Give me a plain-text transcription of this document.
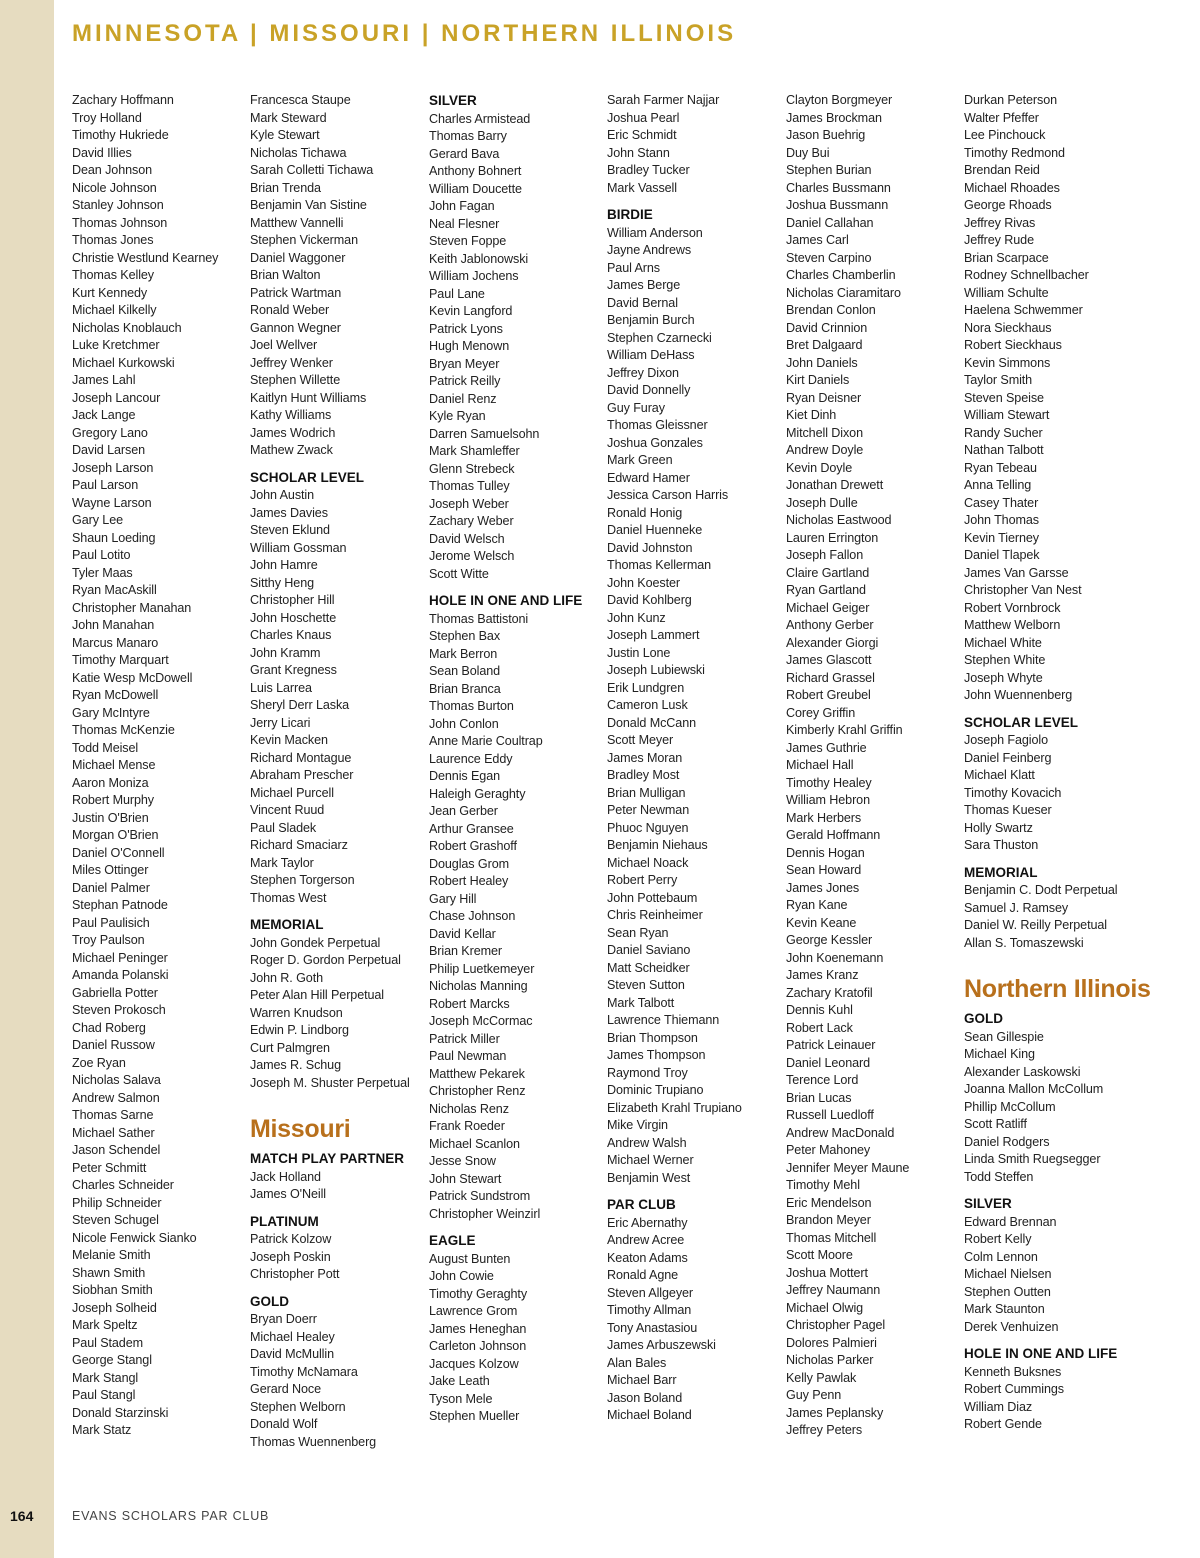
MINNESOTA | MISSOURI | NORTHERN ILLINOIS
Zachary Hoffmann
Troy Holland
Timothy Hukriede
David Illies
Dean Johnson
Nicole Johnson
Stanley Johnson
Thomas Johnson
Thomas Jones
Christie Westlund Kearney
Thomas Kelley
Kurt Kennedy
Michael Kilkelly
Nicholas Knoblauch
Luke Kretchmer
Michael Kurkowski
James Lahl
Joseph Lancour
Jack Lange
Gregory Lano
David Larsen
Joseph Larson
Paul Larson
Wayne Larson
Gary Lee
Shaun Loeding
Paul Lotito
Tyler Maas
Ryan MacAskill
Christopher Manahan
John Manahan
Marcus Manaro
Timothy Marquart
Katie Wesp McDowell
Ryan McDowell
Gary McIntyre
Thomas McKenzie
Todd Meisel
Michael Mense
Aaron Moniza
Robert Murphy
Justin O'Brien
Morgan O'Brien
Daniel O'Connell
Miles Ottinger
Daniel Palmer
Stephan Patnode
Paul Paulisich
Troy Paulson
Michael Peninger
Amanda Polanski
Gabriella Potter
Steven Prokosch
Chad Roberg
Daniel Russow
Zoe Ryan
Nicholas Salava
Andrew Salmon
Thomas Sarne
Michael Sather
Jason Schendel
Peter Schmitt
Charles Schneider
Philip Schneider
Steven Schugel
Nicole Fenwick Sianko
Melanie Smith
Shawn Smith
Siobhan Smith
Joseph Solheid
Mark Speltz
Paul Stadem
George Stangl
Mark Stangl
Paul Stangl
Donald Starzinski
Mark Statz
Francesca Staupe
Mark Steward
Kyle Stewart
Nicholas Tichawa
Sarah Colletti Tichawa
Brian Trenda
Benjamin Van Sistine
Matthew Vannelli
Stephen Vickerman
Daniel Waggoner
Brian Walton
Patrick Wartman
Ronald Weber
Gannon Wegner
Joel Wellver
Jeffrey Wenker
Stephen Willette
Kaitlyn Hunt Williams
Kathy Williams
James Wodrich
Mathew Zwack
SCHOLAR LEVEL
John Austin
James Davies
Steven Eklund
William Gossman
John Hamre
Sitthy Heng
Christopher Hill
John Hoschette
Charles Knaus
John Kramm
Grant Kregness
Luis Larrea
Sheryl Derr Laska
Jerry Licari
Kevin Macken
Richard Montague
Abraham Prescher
Michael Purcell
Vincent Ruud
Paul Sladek
Richard Smaciarz
Mark Taylor
Stephen Torgerson
Thomas West
MEMORIAL
John Gondek Perpetual
Roger D. Gordon Perpetual
John R. Goth
Peter Alan Hill Perpetual
Warren Knudson
Edwin P. Lindborg
Curt Palmgren
James R. Schug
Joseph M. Shuster Perpetual
Missouri
MATCH PLAY PARTNER
Jack Holland
James O'Neill
PLATINUM
Patrick Kolzow
Joseph Poskin
Christopher Pott
GOLD
Bryan Doerr
Michael Healey
David McMullin
Timothy McNamara
Gerard Noce
Stephen Welborn
Donald Wolf
Thomas Wuennenberg
SILVER
Charles Armistead
Thomas Barry
Gerard Bava
Anthony Bohnert
William Doucette
John Fagan
Neal Flesner
Steven Foppe
Keith Jablonowski
William Jochens
Paul Lane
Kevin Langford
Patrick Lyons
Hugh Menown
Bryan Meyer
Patrick Reilly
Daniel Renz
Kyle Ryan
Darren Samuelsohn
Mark Shamleffer
Glenn Strebeck
Thomas Tulley
Joseph Weber
Zachary Weber
David Welsch
Jerome Welsch
Scott Witte
HOLE IN ONE AND LIFE
Thomas Battistoni
Stephen Bax
Mark Berron
Sean Boland
Brian Branca
Thomas Burton
John Conlon
Anne Marie Coultrap
Laurence Eddy
Dennis Egan
Haleigh Geraghty
Jean Gerber
Arthur Gransee
Robert Grashoff
Douglas Grom
Robert Healey
Gary Hill
Chase Johnson
David Kellar
Brian Kremer
Philip Luetkemeyer
Nicholas Manning
Robert Marcks
Joseph McCormac
Patrick Miller
Paul Newman
Matthew Pekarek
Christopher Renz
Nicholas Renz
Frank Roeder
Michael Scanlon
Jesse Snow
John Stewart
Patrick Sundstrom
Christopher Weinzirl
EAGLE
August Bunten
John Cowie
Timothy Geraghty
Lawrence Grom
James Heneghan
Carleton Johnson
Jacques Kolzow
Jake Leath
Tyson Mele
Stephen Mueller
Sarah Farmer Najjar
Joshua Pearl
Eric Schmidt
John Stann
Bradley Tucker
Mark Vassell
BIRDIE
William Anderson
Jayne Andrews
Paul Arns
James Berge
David Bernal
Benjamin Burch
Stephen Czarnecki
William DeHass
Jeffrey Dixon
David Donnelly
Guy Furay
Thomas Gleissner
Joshua Gonzales
Mark Green
Edward Hamer
Jessica Carson Harris
Ronald Honig
Daniel Huenneke
David Johnston
Thomas Kellerman
John Koester
David Kohlberg
John Kunz
Joseph Lammert
Justin Lone
Joseph Lubiewski
Erik Lundgren
Cameron Lusk
Donald McCann
Scott Meyer
James Moran
Bradley Most
Brian Mulligan
Peter Newman
Phuoc Nguyen
Benjamin Niehaus
Michael Noack
Robert Perry
John Pottebaum
Chris Reinheimer
Sean Ryan
Daniel Saviano
Matt Scheidker
Steven Sutton
Mark Talbott
Lawrence Thiemann
Brian Thompson
James Thompson
Raymond Troy
Dominic Trupiano
Elizabeth Krahl Trupiano
Mike Virgin
Andrew Walsh
Michael Werner
Benjamin West
PAR CLUB
Eric Abernathy
Andrew Acree
Keaton Adams
Ronald Agne
Steven Allgeyer
Timothy Allman
Tony Anastasiou
James Arbuszewski
Alan Bales
Michael Barr
Jason Boland
Michael Boland
Clayton Borgmeyer
James Brockman
Jason Buehrig
Duy Bui
Stephen Burian
Charles Bussmann
Joshua Bussmann
Daniel Callahan
James Carl
Steven Carpino
Charles Chamberlin
Nicholas Ciaramitaro
Brendan Conlon
David Crinnion
Bret Dalgaard
John Daniels
Kirt Daniels
Ryan Deisner
Kiet Dinh
Mitchell Dixon
Andrew Doyle
Kevin Doyle
Jonathan Drewett
Joseph Dulle
Nicholas Eastwood
Lauren Errington
Joseph Fallon
Claire Gartland
Ryan Gartland
Michael Geiger
Anthony Gerber
Alexander Giorgi
James Glascott
Richard Grassel
Robert Greubel
Corey Griffin
Kimberly Krahl Griffin
James Guthrie
Michael Hall
Timothy Healey
William Hebron
Mark Herbers
Gerald Hoffmann
Dennis Hogan
Sean Howard
James Jones
Ryan Kane
Kevin Keane
George Kessler
John Koenemann
James Kranz
Zachary Kratofil
Dennis Kuhl
Robert Lack
Patrick Leinauer
Daniel Leonard
Terence Lord
Brian Lucas
Russell Luedloff
Andrew MacDonald
Peter Mahoney
Jennifer Meyer Maune
Timothy Mehl
Eric Mendelson
Brandon Meyer
Thomas Mitchell
Scott Moore
Joshua Mottert
Jeffrey Naumann
Michael Olwig
Christopher Pagel
Dolores Palmieri
Nicholas Parker
Kelly Pawlak
Guy Penn
James Peplansky
Jeffrey Peters
Durkan Peterson
Walter Pfeffer
Lee Pinchouck
Timothy Redmond
Brendan Reid
Michael Rhoades
George Rhoads
Jeffrey Rivas
Jeffrey Rude
Brian Scarpace
Rodney Schnellbacher
William Schulte
Haelena Schwemmer
Nora Sieckhaus
Robert Sieckhaus
Kevin Simmons
Taylor Smith
Steven Speise
William Stewart
Randy Sucher
Nathan Talbott
Ryan Tebeau
Anna Telling
Casey Thater
John Thomas
Kevin Tierney
Daniel Tlapek
James Van Garsse
Christopher Van Nest
Robert Vornbrock
Matthew Welborn
Michael White
Stephen White
Joseph Whyte
John Wuennenberg
SCHOLAR LEVEL
Joseph Fagiolo
Daniel Feinberg
Michael Klatt
Timothy Kovacich
Thomas Kueser
Holly Swartz
Sara Thuston
MEMORIAL
Benjamin C. Dodt Perpetual
Samuel J. Ramsey
Daniel W. Reilly Perpetual
Allan S. Tomaszewski
Northern Illinois
GOLD
Sean Gillespie
Michael King
Alexander Laskowski
Joanna Mallon McCollum
Phillip McCollum
Scott Ratliff
Daniel Rodgers
Linda Smith Ruegsegger
Todd Steffen
SILVER
Edward Brennan
Robert Kelly
Colm Lennon
Michael Nielsen
Stephen Outten
Mark Staunton
Derek Venhuizen
HOLE IN ONE AND LIFE
Kenneth Buksnes
Robert Cummings
William Diaz
Robert Gende
164	EVANS SCHOLARS PAR CLUB
